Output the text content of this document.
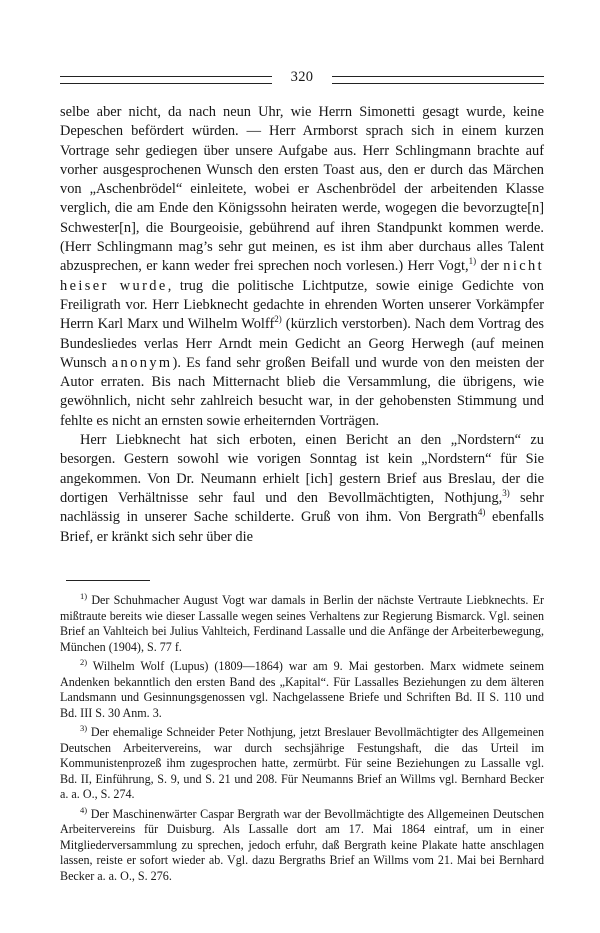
320

selbe aber nicht, da nach neun Uhr, wie Herrn Simonetti gesagt wurde, keine Depeschen befördert würden. — Herr Armborst sprach sich in einem kurzen Vortrage sehr gediegen über unsere Aufgabe aus. Herr Schlingmann brachte auf vorher ausgesprochenen Wunsch den ersten Toast aus, den er durch das Märchen von „Aschenbrödel“ einleitete, wobei er Aschenbrödel der arbeitenden Klasse verglich, die am Ende den Königssohn heiraten werde, wogegen die bevorzugte[n] Schwester[n], die Bourgeoisie, gebührend auf ihren Standpunkt kommen werde. (Herr Schlingmann mag’s sehr gut meinen, es ist ihm aber durchaus alles Talent abzusprechen, er kann weder frei sprechen noch vorlesen.) Herr Vogt,$^{1)}$ der nicht heiser wurde, trug die politische Lichtputze, sowie einige Gedichte von Freiligrath vor. Herr Liebknecht gedachte in ehrenden Worten unserer Vorkämpfer Herrn Karl Marx und Wilhelm Wolff$^{2)}$ (kürzlich verstorben). Nach dem Vortrag des Bundesliedes verlas Herr Arndt mein Gedicht an Georg Herwegh (auf meinen Wunsch anonym). Es fand sehr großen Beifall und wurde von den meisten der Autor erraten. Bis nach Mitternacht blieb die Versammlung, die übrigens, wie gewöhnlich, nicht sehr zahlreich besucht war, in der gehobensten Stimmung und fehlte es nicht an ernsten sowie erheiternden Vorträgen.

Herr Liebknecht hat sich erboten, einen Bericht an den „Nordstern“ zu besorgen. Gestern sowohl wie vorigen Sonntag ist kein „Nordstern“ für Sie angekommen. Von Dr. Neumann erhielt [ich] gestern Brief aus Breslau, der die dortigen Verhältnisse sehr faul und den Bevollmächtigten, Nothjung,$^{3)}$ sehr nachlässig in unserer Sache schilderte. Gruß von ihm. Von Bergrath$^{4)}$ ebenfalls Brief, er kränkt sich sehr über die

$^{1)}$ Der Schuhmacher August Vogt war damals in Berlin der nächste Vertraute Liebknechts. Er mißtraute bereits wie dieser Lassalle wegen seines Verhaltens zur Regierung Bismarck. Vgl. seinen Brief an Vahlteich bei Julius Vahlteich, Ferdinand Lassalle und die Anfänge der Arbeiterbewegung, München (1904), S. 77 f.

$^{2)}$ Wilhelm Wolf (Lupus) (1809—1864) war am 9. Mai gestorben. Marx widmete seinem Andenken bekanntlich den ersten Band des „Kapital“. Für Lassalles Beziehungen zu dem älteren Landsmann und Gesinnungsgenossen vgl. Nachgelassene Briefe und Schriften Bd. II S. 110 und Bd. III S. 30 Anm. 3.

$^{3)}$ Der ehemalige Schneider Peter Nothjung, jetzt Breslauer Bevollmächtigter des Allgemeinen Deutschen Arbeitervereins, war durch sechsjährige Festungshaft, die das Urteil im Kommunistenprozeß ihm zugesprochen hatte, zermürbt. Für seine Beziehungen zu Lassalle vgl. Bd. II, Einführung, S. 9, und S. 21 und 208. Für Neumanns Brief an Willms vgl. Bernhard Becker a. a. O., S. 274.

$^{4)}$ Der Maschinenwärter Caspar Bergrath war der Bevollmächtigte des Allgemeinen Deutschen Arbeitervereins für Duisburg. Als Lassalle dort am 17. Mai 1864 eintraf, um in einer Mitgliederversammlung zu sprechen, jedoch erfuhr, daß Bergrath keine Plakate hatte anschlagen lassen, reiste er sofort wieder ab. Vgl. dazu Bergraths Brief an Willms vom 21. Mai bei Bernhard Becker a. a. O., S. 276.
